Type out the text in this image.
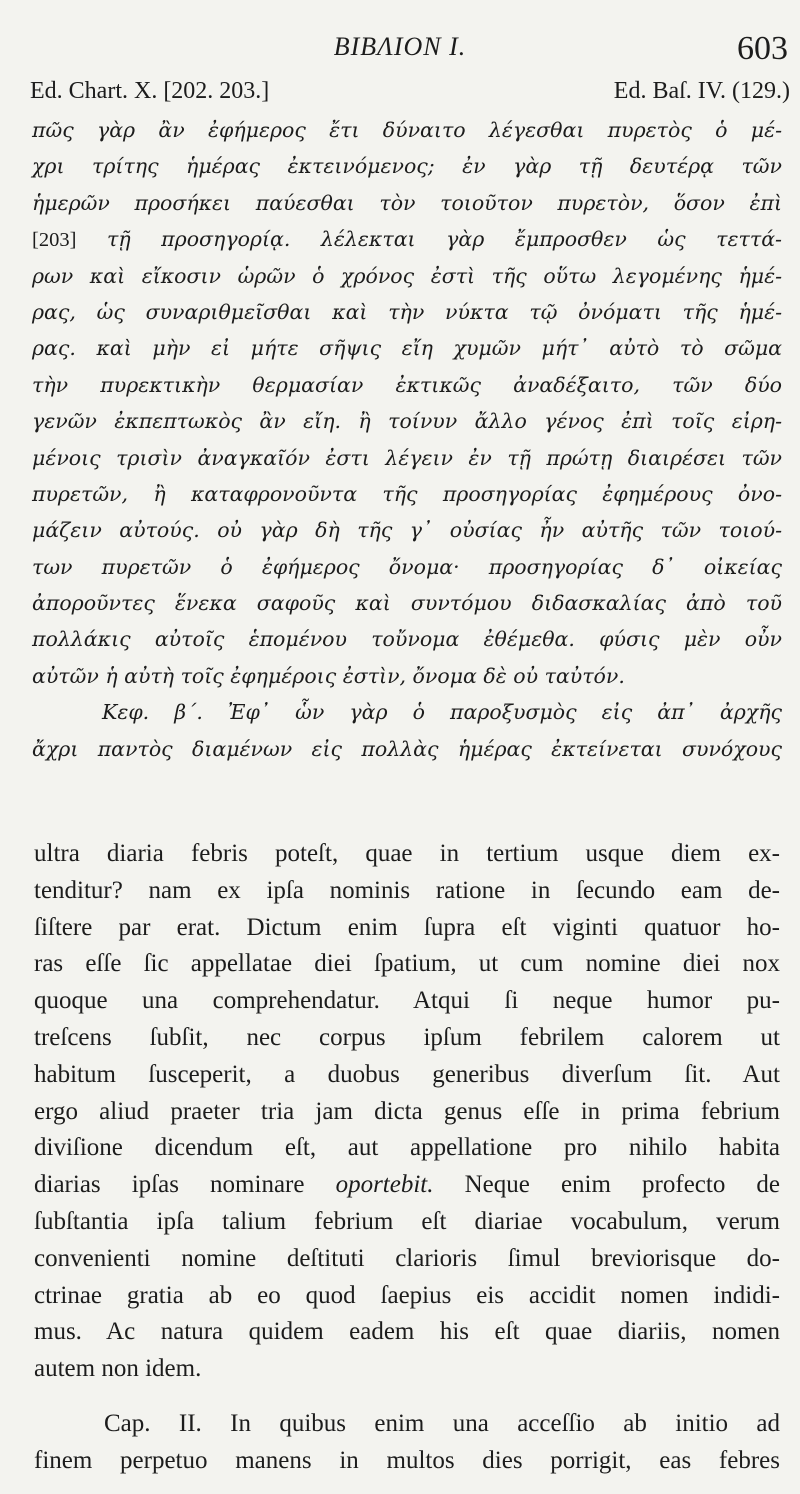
BIBΛION I.	603
Ed. Chart. X. [202. 203.]	Ed. Baſ. IV. (129.)
πῶς γὰρ ἂν ἐφήμερος ἔτι δύναιτο λέγεσθαι πυρετὸς ὁ μέ-
χρι τρίτης ἡμέρας ἐκτεινόμενος; ἐν γὰρ τῇ δευτέρᾳ τῶν
ἡμερῶν προσήκει παύεσθαι τὸν τοιοῦτον πυρετὸν, ὅσον ἐπὶ
[203] τῇ προσηγορίᾳ. λέλεκται γὰρ ἔμπροσθεν ὡς τεττά-
ρων καὶ εἴκοσιν ὡρῶν ὁ χρόνος ἐστὶ τῆς οὕτω λεγομένης ἡμέ-
ρας, ὡς συναριθμεῖσθαι καὶ τὴν νύκτα τῷ ὀνόματι τῆς ἡμέ-
ρας. καὶ μὴν εἰ μήτε σῆψις εἴη χυμῶν μήτ᾽ αὐτὸ τὸ σῶμα
τὴν πυρεκτικὴν θερμασίαν ἐκτικῶς ἀναδέξαιτο, τῶν δύο
γενῶν ἐκπεπτωκὸς ἂν εἴη. ἢ τοίνυν ἄλλο γένος ἐπὶ τοῖς εἰρη-
μένοις τρισὶν ἀναγκαῖόν ἐστι λέγειν ἐν τῇ πρώτῃ διαιρέσει τῶν
πυρετῶν, ἢ καταφρονοῦντα τῆς προσηγορίας ἐφημέρους ὀνο-
μάζειν αὐτούς. οὐ γὰρ δὴ τῆς γ᾽ οὐσίας ἦν αὐτῆς τῶν τοιού-
των πυρετῶν ὁ ἐφήμερος ὄνομα· προσηγορίας δ᾽ οἰκείας
ἀποροῦντες ἕνεκα σαφοῦς καὶ συντόμου διδασκαλίας ἀπὸ τοῦ
πολλάκις αὐτοῖς ἑπομένου τοὔνομα ἐθέμεθα. φύσις μὲν οὖν
αὐτῶν ἡ αὐτὴ τοῖς ἐφημέροις ἐστὶν, ὄνομα δὲ οὐ ταὐτόν.
Κεφ. β΄. Ἐφ᾽ ὧν γὰρ ὁ παροξυσμὸς εἰς ἀπ᾽ ἀρχῆς
ἄχρι παντὸς διαμένων εἰς πολλὰς ἡμέρας ἐκτείνεται συνόχους
ultra diaria febris poteſt, quae in tertium usque diem ex-
tenditur? nam ex ipſa nominis ratione in ſecundo eam de-
ſiſtere par erat. Dictum enim ſupra eſt viginti quatuor ho-
ras eſſe ſic appellatae diei ſpatium, ut cum nomine diei nox
quoque una comprehendatur. Atqui ſi neque humor pu-
treſcens ſubſit, nec corpus ipſum febrilem calorem ut
habitum ſusceperit, a duobus generibus diverſum ſit. Aut
ergo aliud praeter tria jam dicta genus eſſe in prima febrium
diviſione dicendum eſt, aut appellatione pro nihilo habita
diarias ipſas nominare oportebit. Neque enim profecto de
ſubſtantia ipſa talium febrium eſt diariae vocabulum, verum
convenienti nomine deſtituti clarioris ſimul breviorisque do-
ctrinae gratia ab eo quod ſaepius eis accidit nomen indidi-
mus. Ac natura quidem eadem his eſt quae diariis, nomen
autem non idem.
Cap. II. In quibus enim una acceſſio ab initio ad
finem perpetuo manens in multos dies porrigit, eas febres
